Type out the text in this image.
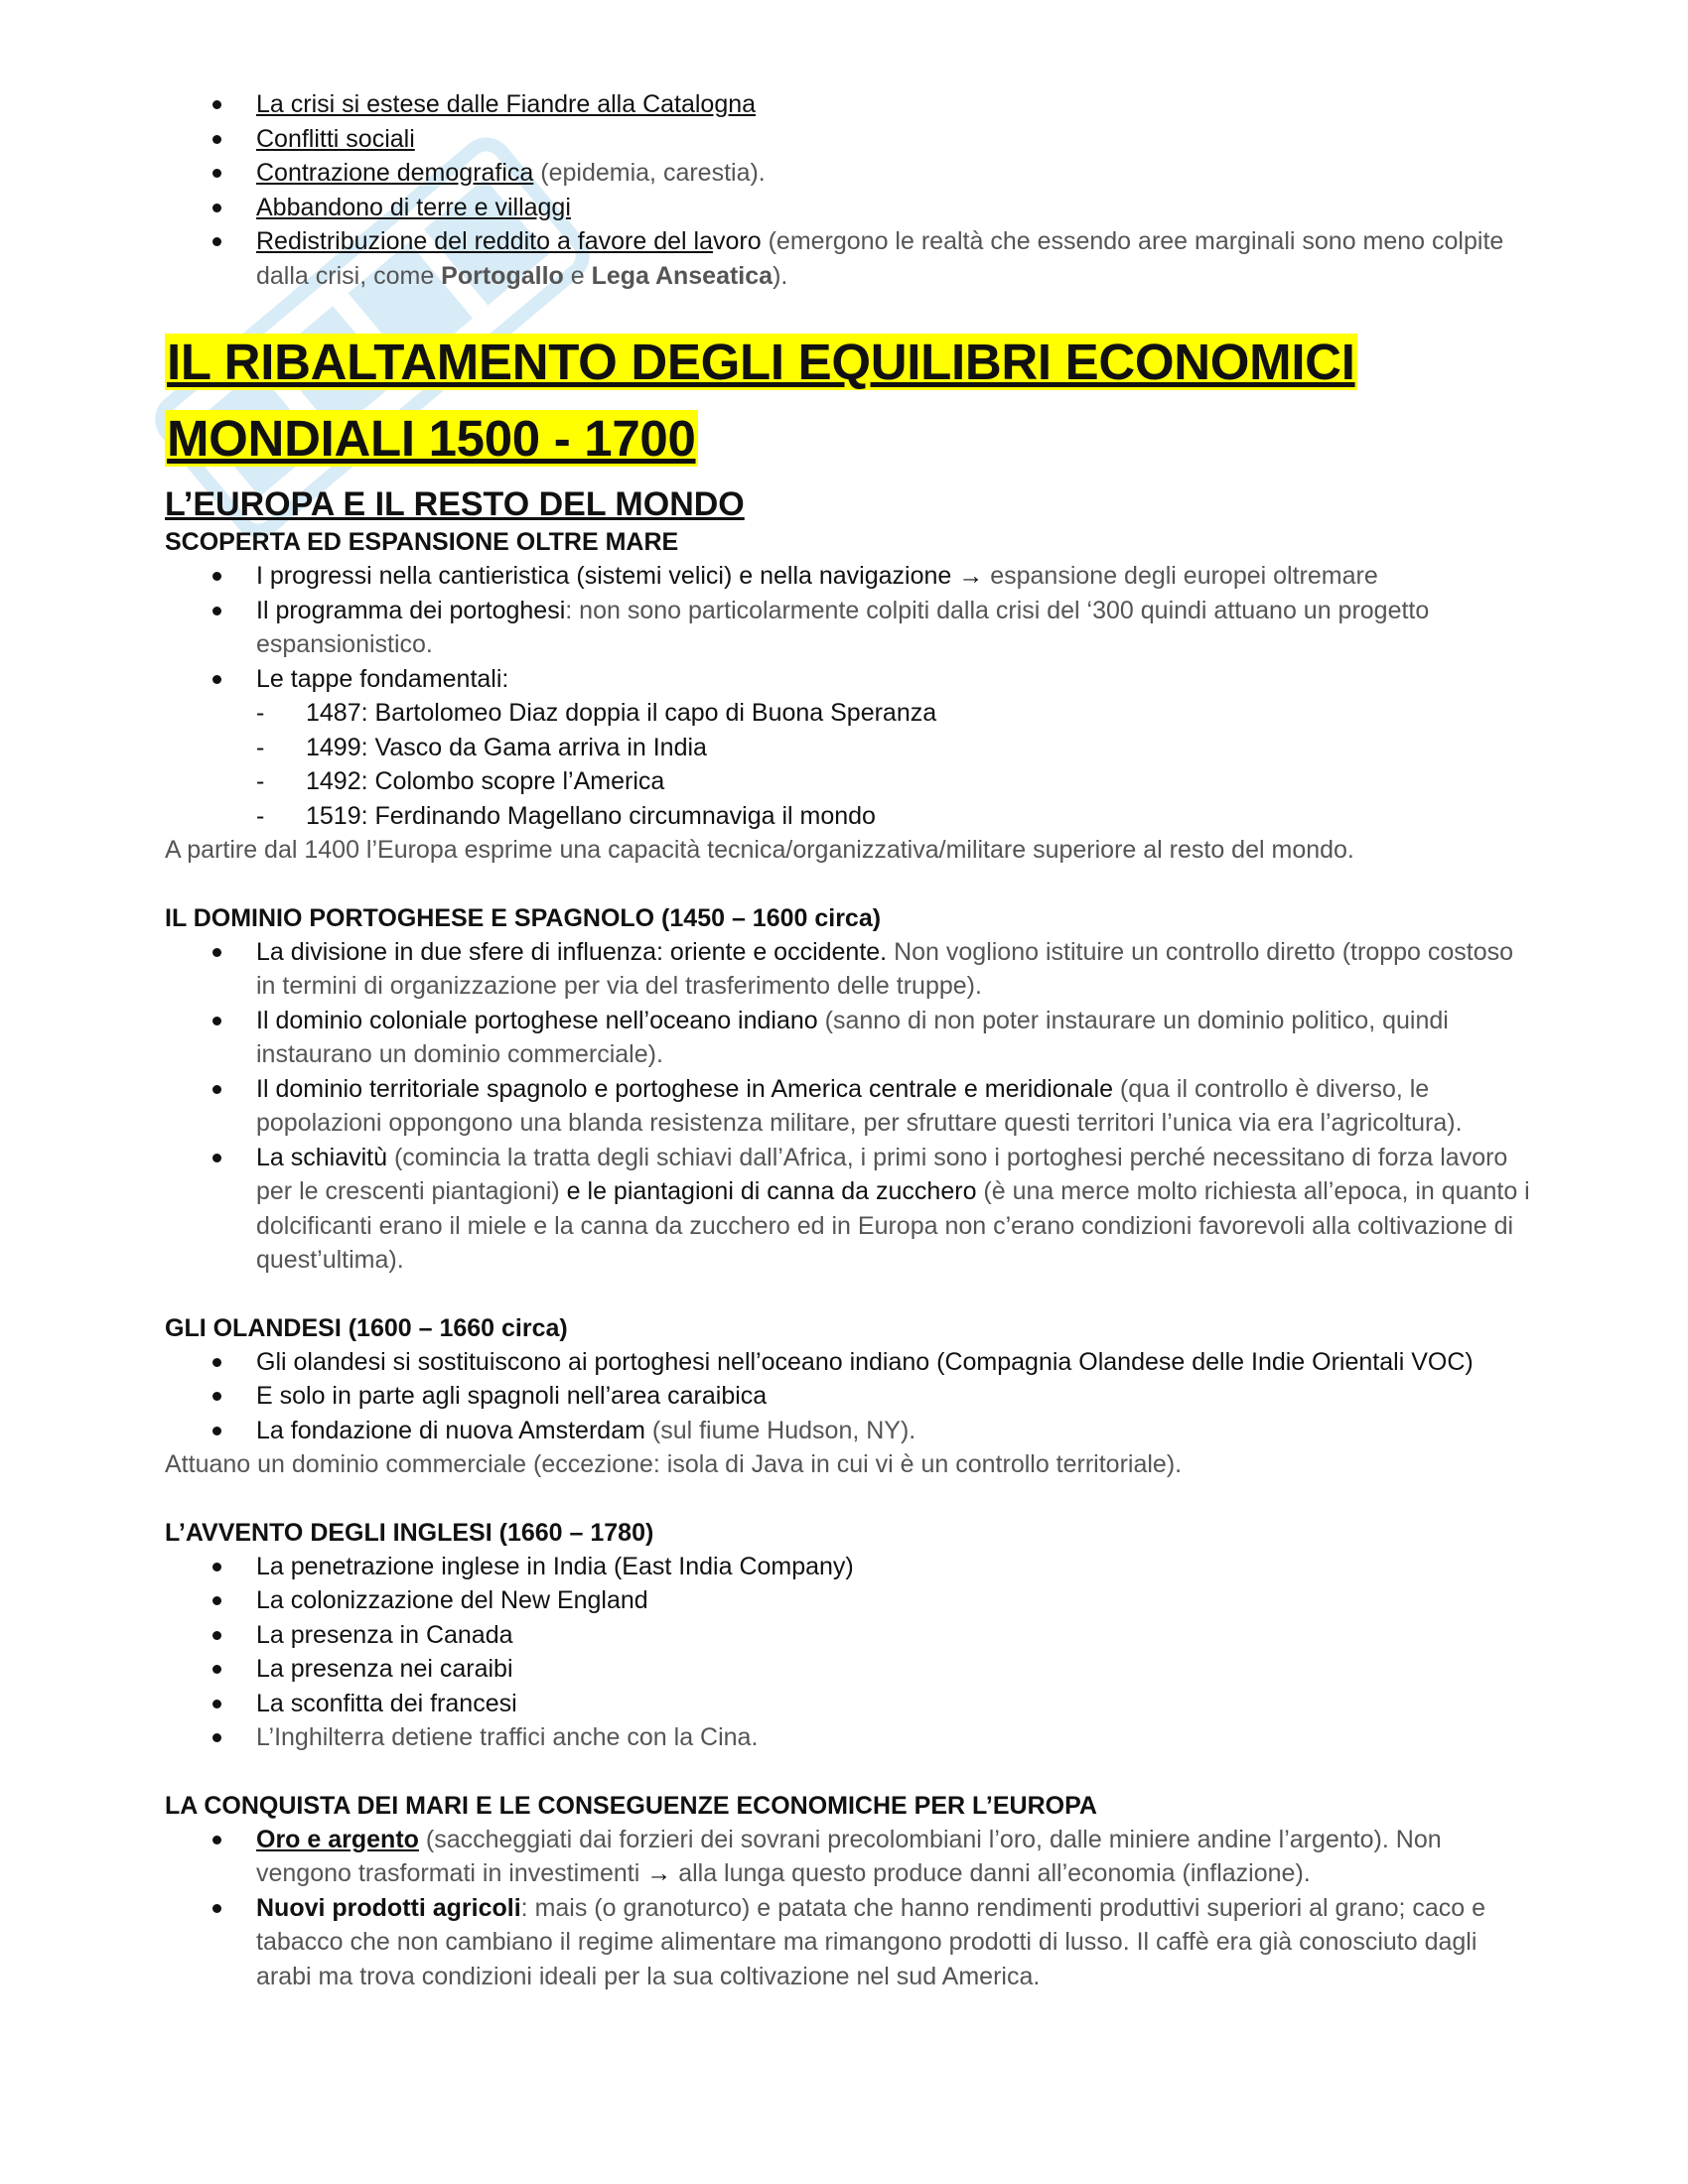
La crisi si estese dalle Fiandre alla Catalogna
Conflitti sociali
Contrazione demografica (epidemia, carestia).
Abbandono di terre e villaggi
Redistribuzione del reddito a favore del lavoro (emergono le realtà che essendo aree marginali sono meno colpite dalla crisi, come Portogallo e Lega Anseatica).
IL RIBALTAMENTO DEGLI EQUILIBRI ECONOMICI
MONDIALI 1500 - 1700
L’EUROPA E IL RESTO DEL MONDO
SCOPERTA ED ESPANSIONE OLTRE MARE
I progressi nella cantieristica (sistemi velici) e nella navigazione → espansione degli europei oltremare
Il programma dei portoghesi: non sono particolarmente colpiti dalla crisi del ‘300 quindi attuano un progetto espansionistico.
Le tappe fondamentali:
- 1487: Bartolomeo Diaz doppia il capo di Buona Speranza
- 1499: Vasco da Gama arriva in India
- 1492: Colombo scopre l’America
- 1519: Ferdinando Magellano circumnaviga il mondo
A partire dal 1400 l’Europa esprime una capacità tecnica/organizzativa/militare superiore al resto del mondo.
IL DOMINIO PORTOGHESE E SPAGNOLO (1450 – 1600 circa)
La divisione in due sfere di influenza: oriente e occidente. Non vogliono istituire un controllo diretto (troppo costoso in termini di organizzazione per via del trasferimento delle truppe).
Il dominio coloniale portoghese nell’oceano indiano (sanno di non poter instaurare un dominio politico, quindi instaurano un dominio commerciale).
Il dominio territoriale spagnolo e portoghese in America centrale e meridionale (qua il controllo è diverso, le popolazioni oppongono una blanda resistenza militare, per sfruttare questi territori l’unica via era l’agricoltura).
La schiavitù (comincia la tratta degli schiavi dall’Africa, i primi sono i portoghesi perché necessitano di forza lavoro per le crescenti piantagioni) e le piantagioni di canna da zucchero (è una merce molto richiesta all’epoca, in quanto i dolcificanti erano il miele e la canna da zucchero ed in Europa non c’erano condizioni favorevoli alla coltivazione di quest’ultima).
GLI OLANDESI (1600 – 1660 circa)
Gli olandesi si sostituiscono ai portoghesi nell’oceano indiano (Compagnia Olandese delle Indie Orientali VOC)
E solo in parte agli spagnoli nell’area caraibica
La fondazione di nuova Amsterdam (sul fiume Hudson, NY).
Attuano un dominio commerciale (eccezione: isola di Java in cui vi è un controllo territoriale).
L’AVVENTO DEGLI INGLESI (1660 – 1780)
La penetrazione inglese in India (East India Company)
La colonizzazione del New England
La presenza in Canada
La presenza nei caraibi
La sconfitta dei francesi
L’Inghilterra detiene traffici anche con la Cina.
LA CONQUISTA DEI MARI E LE CONSEGUENZE ECONOMICHE PER L’EUROPA
Oro e argento (saccheggiati dai forzieri dei sovrani precolombiani l’oro, dalle miniere andine l’argento). Non vengono trasformati in investimenti → alla lunga questo produce danni all’economia (inflazione).
Nuovi prodotti agricoli: mais (o granoturco) e patata che hanno rendimenti produttivi superiori al grano; caco e tabacco che non cambiano il regime alimentare ma rimangono prodotti di lusso. Il caffè era già conosciuto dagli arabi ma trova condizioni ideali per la sua coltivazione nel sud America.
